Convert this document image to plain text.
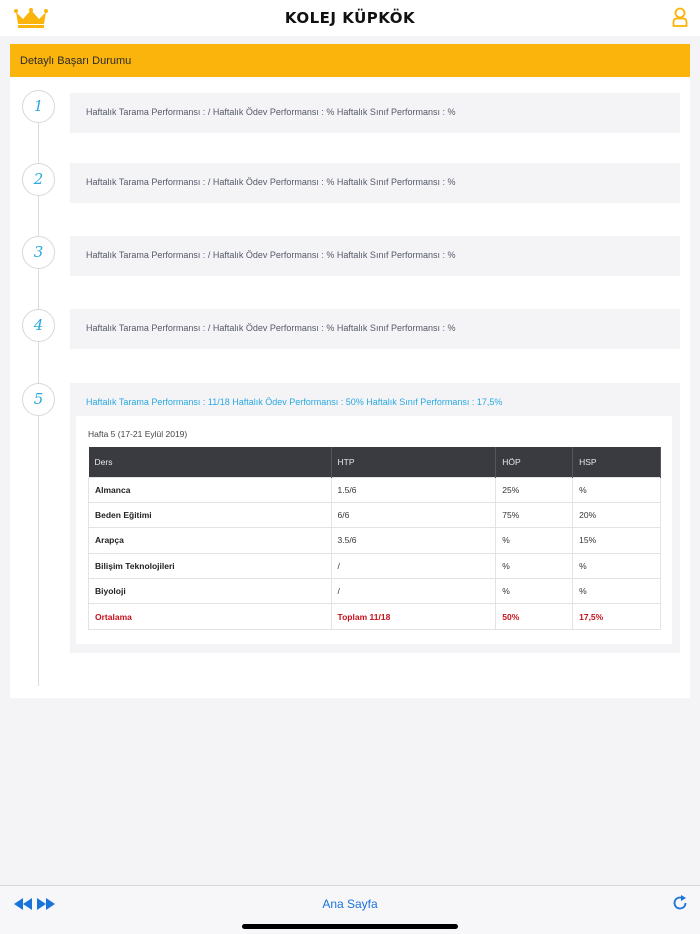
KOLEJ KÜPKÖK
Detaylı Başarı Durumu
1	Haftalık Tarama Performansı : / Haftalık Ödev Performansı : % Haftalık Sınıf Performansı : %
2	Haftalık Tarama Performansı : / Haftalık Ödev Performansı : % Haftalık Sınıf Performansı : %
3	Haftalık Tarama Performansı : / Haftalık Ödev Performansı : % Haftalık Sınıf Performansı : %
4	Haftalık Tarama Performansı : / Haftalık Ödev Performansı : % Haftalık Sınıf Performansı : %
5	Haftalık Tarama Performansı : 11/18 Haftalık Ödev Performansı : 50% Haftalık Sınıf Performansı : 17,5%
Hafta 5 (17-21 Eylül 2019)
Ders	HTP	HÖP	HSP
Almanca	1.5/6	25%	%
Beden Eğitimi	6/6	75%	20%
Arapça	3.5/6	%	15%
Bilişim Teknolojileri	/	%	%
Biyoloji	/	%	%
Ortalama	Toplam 11/18	50%	17,5%
Ana Sayfa
